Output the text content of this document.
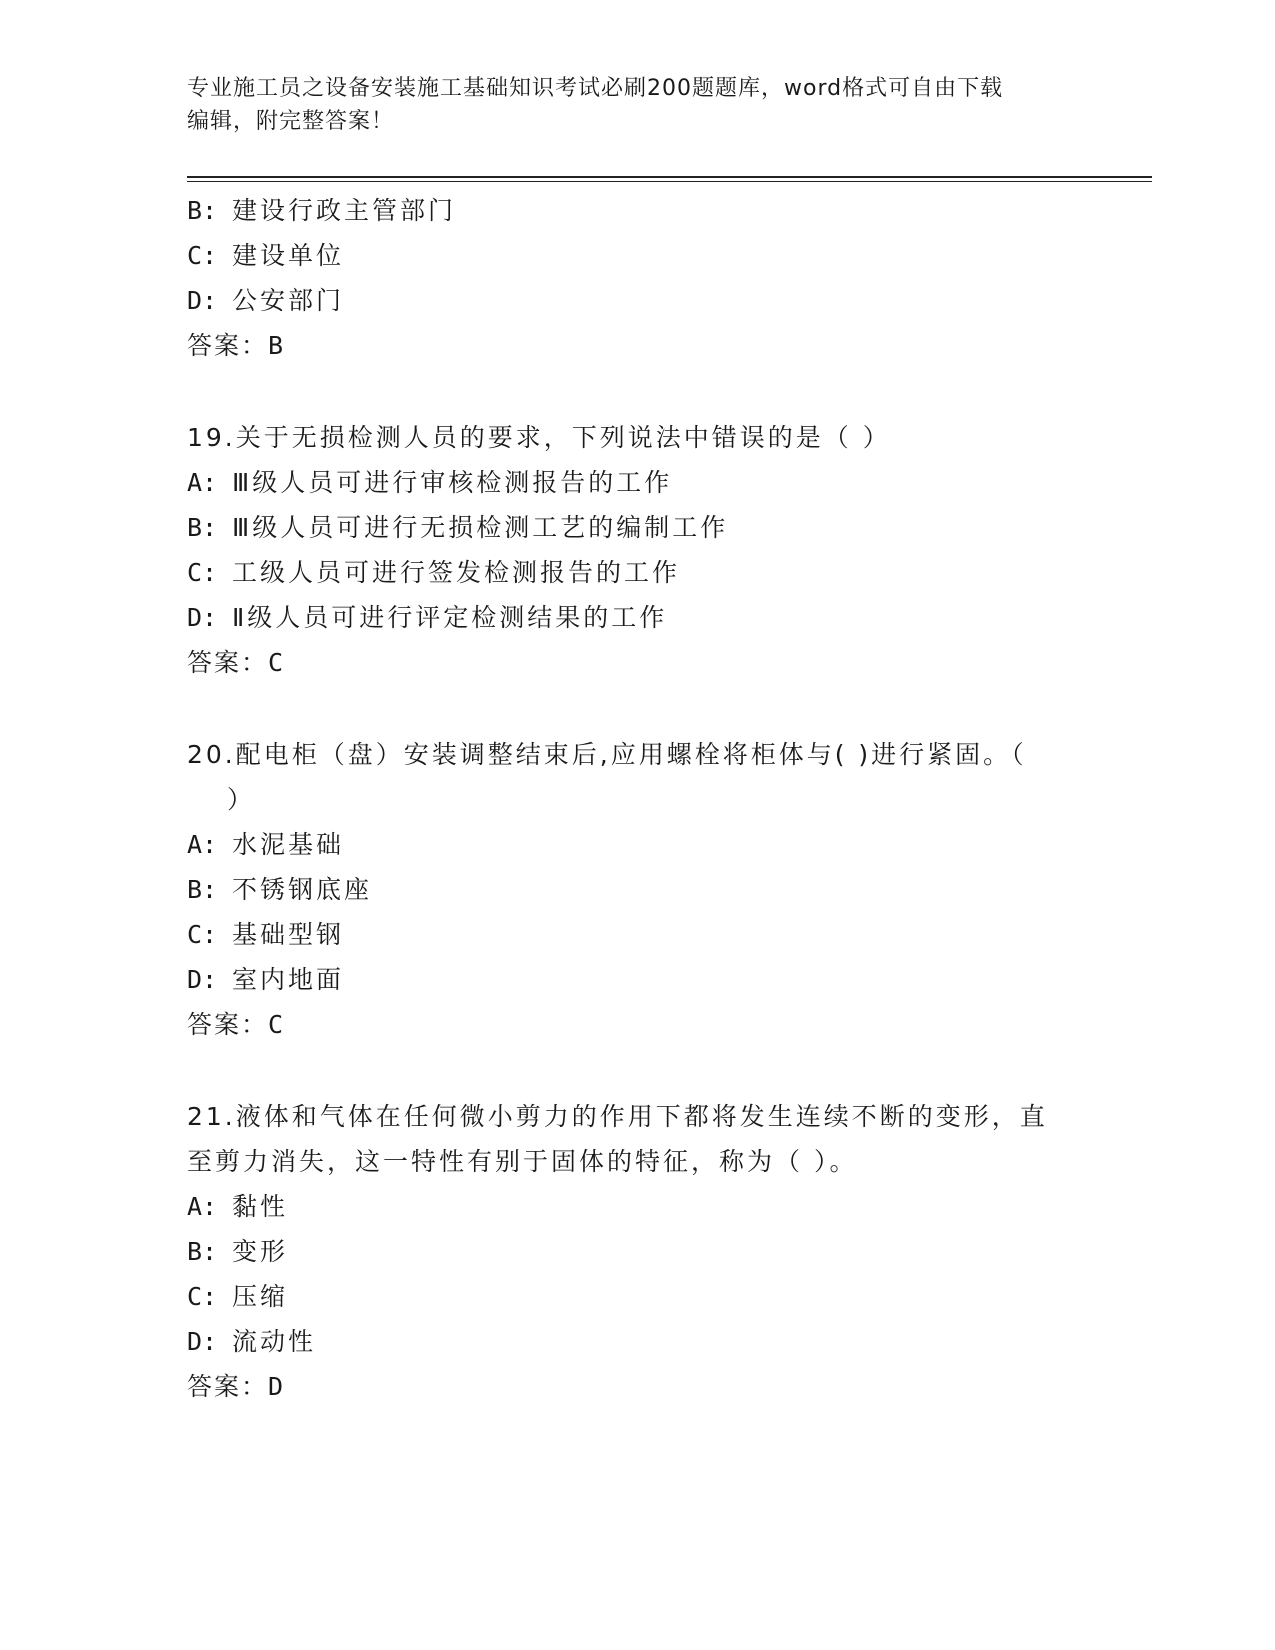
专业施工员之设备安装施工基础知识考试必刷200题题库，word格式可自由下载
编辑，附完整答案！
B: 建设行政主管部门
C: 建设单位
D: 公安部门
答案：B
19.关于无损检测人员的要求，下列说法中错误的是（ ）
A: Ⅲ级人员可进行审核检测报告的工作
B: Ⅲ级人员可进行无损检测工艺的编制工作
C: 工级人员可进行签发检测报告的工作
D: Ⅱ级人员可进行评定检测结果的工作
答案：C
20.配电柜（盘）安装调整结束后,应用螺栓将柜体与( )进行紧固。（
）
A: 水泥基础
B: 不锈钢底座
C: 基础型钢
D: 室内地面
答案：C
21.液体和气体在任何微小剪力的作用下都将发生连续不断的变形，直
至剪力消失，这一特性有别于固体的特征，称为（ ）。
A: 黏性
B: 变形
C: 压缩
D: 流动性
答案：D
